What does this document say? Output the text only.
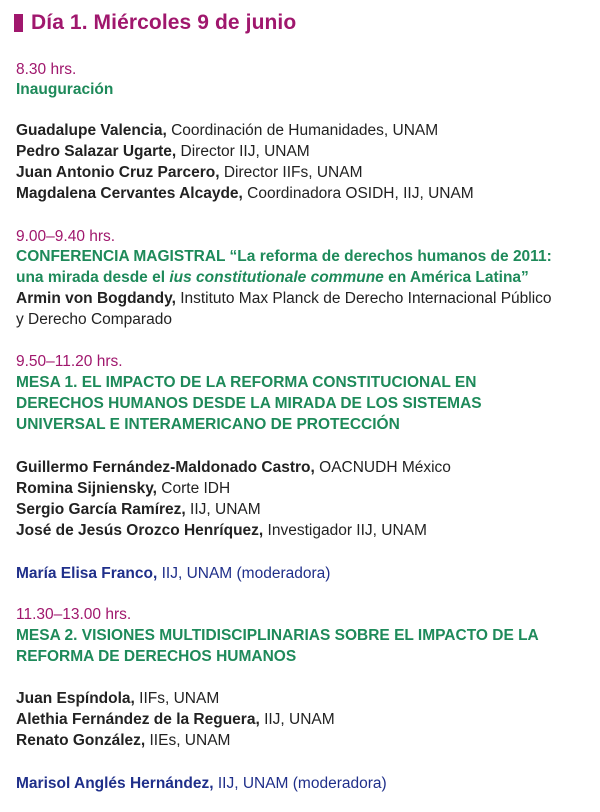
Día 1. Miércoles 9 de junio
8.30 hrs.
Inauguración
Guadalupe Valencia, Coordinación de Humanidades, UNAM
Pedro Salazar Ugarte, Director IIJ, UNAM
Juan Antonio Cruz Parcero, Director IIFs, UNAM
Magdalena Cervantes Alcayde, Coordinadora OSIDH, IIJ, UNAM
9.00–9.40 hrs.
CONFERENCIA MAGISTRAL “La reforma de derechos humanos de 2011:
una mirada desde el ius constitutionale commune en América Latina”
Armin von Bogdandy, Instituto Max Planck de Derecho Internacional Público
y Derecho Comparado
9.50–11.20 hrs.
MESA 1. EL IMPACTO DE LA REFORMA CONSTITUCIONAL EN
DERECHOS HUMANOS DESDE LA MIRADA DE LOS SISTEMAS
UNIVERSAL E INTERAMERICANO DE PROTECCIÓN
Guillermo Fernández-Maldonado Castro, OACNUDH México
Romina Sijniensky, Corte IDH
Sergio García Ramírez, IIJ, UNAM
José de Jesús Orozco Henríquez, Investigador IIJ, UNAM
María Elisa Franco, IIJ, UNAM (moderadora)
11.30–13.00 hrs.
MESA 2. VISIONES MULTIDISCIPLINARIAS SOBRE EL IMPACTO DE LA
REFORMA DE DERECHOS HUMANOS
Juan Espíndola, IIFs, UNAM
Alethia Fernández de la Reguera, IIJ, UNAM
Renato González, IIEs, UNAM
Marisol Anglés Hernández, IIJ, UNAM (moderadora)
